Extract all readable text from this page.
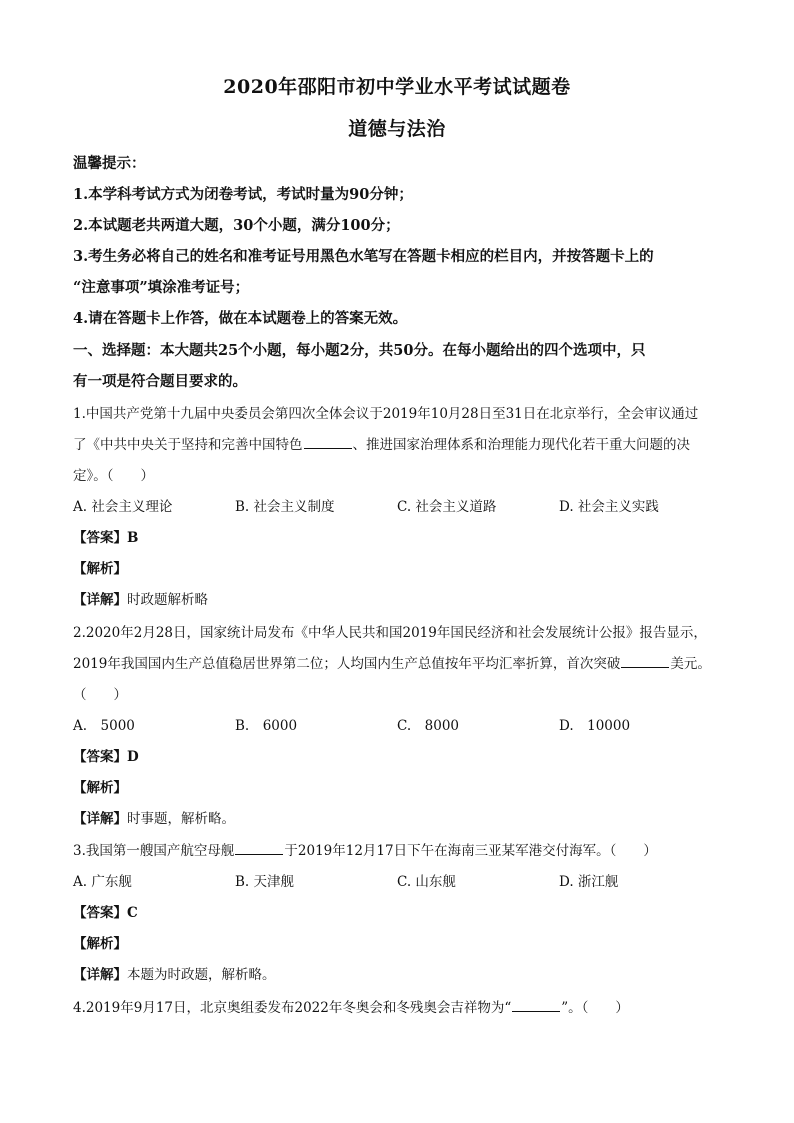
2020年邵阳市初中学业水平考试试题卷
道德与法治
温馨提示：
1.本学科考试方式为闭卷考试，考试时量为90分钟；
2.本试题老共两道大题，30个小题，满分100分；
3.考生务必将自己的姓名和准考证号用黑色水笔写在答题卡相应的栏目内，并按答题卡上的
“注意事项”填涂准考证号；
4.请在答题卡上作答，做在本试题卷上的答案无效。
一、选择题：本大题共25个小题，每小题2分，共50分。在每小题给出的四个选项中，只
有一项是符合题目要求的。
1.中国共产党第十九届中央委员会第四次全体会议于2019年10月28日至31日在北京举行，全会审议通过
了《中共中央关于坚持和完善中国特色	、推进国家治理体系和治理能力现代化若干重大问题的决
定》。（　　）
A. 社会主义理论	B. 社会主义制度	C. 社会主义道路	D. 社会主义实践
【答案】B
【解析】
【详解】时政题解析略
2.2020年2月28日，国家统计局发布《中华人民共和国2019年国民经济和社会发展统计公报》报告显示，
2019年我国国内生产总值稳居世界第二位；人均国内生产总值按年平均汇率折算，首次突破	美元。
（　　）
A.　5000	B.　6000	C.　8000	D.　10000
【答案】D
【解析】
【详解】时事题，解析略。
3.我国第一艘国产航空母舰	于2019年12月17日下午在海南三亚某军港交付海军。（　　）
A. 广东舰	B. 天津舰	C. 山东舰	D. 浙江舰
【答案】C
【解析】
【详解】本题为时政题，解析略。
4.2019年9月17日，北京奥组委发布2022年冬奥会和冬残奥会吉祥物为“	”。（　　）
